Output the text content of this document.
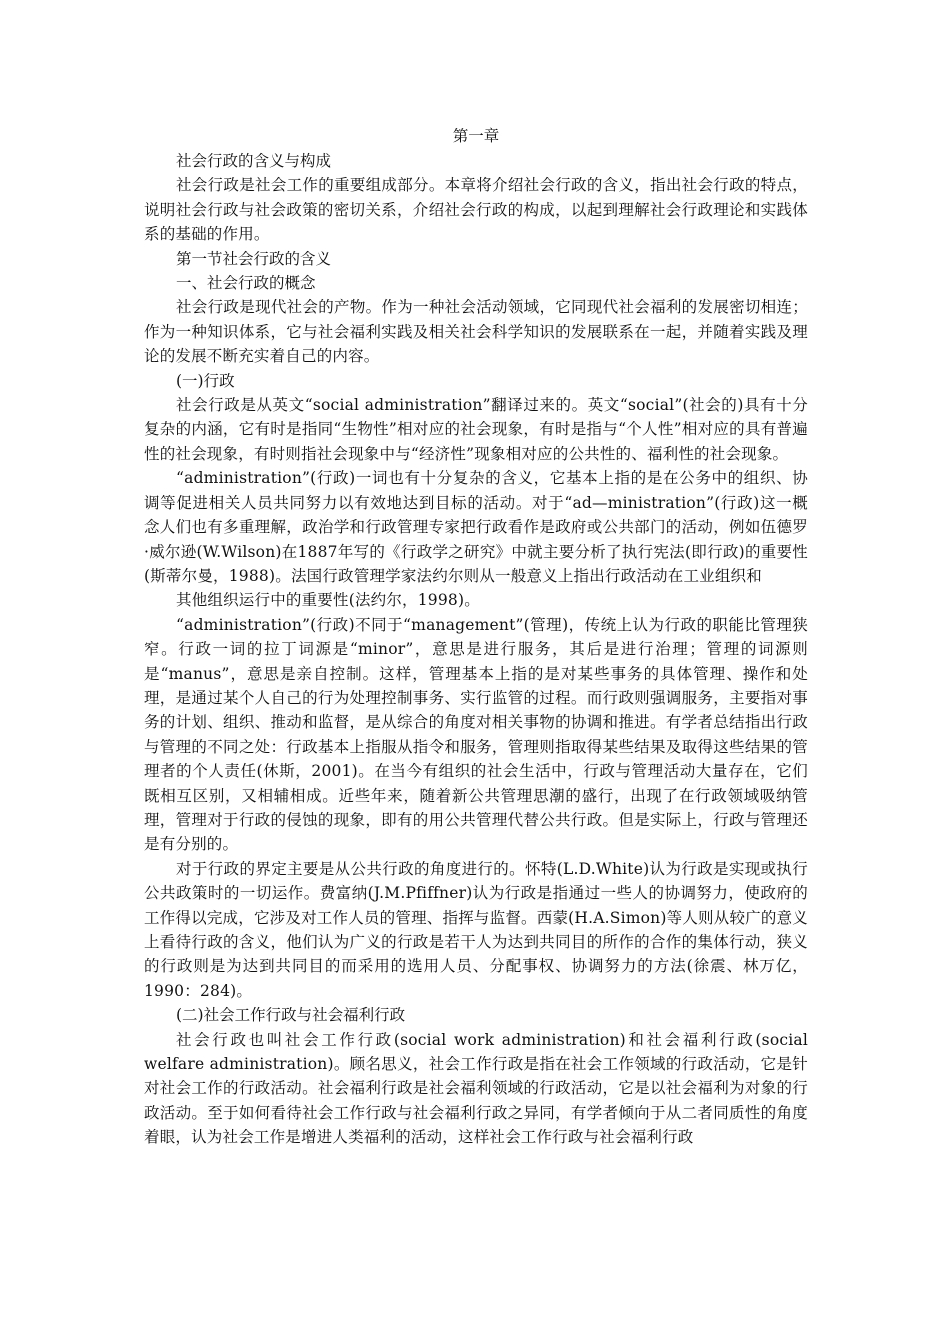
第一章
社会行政的含义与构成
社会行政是社会工作的重要组成部分。本章将介绍社会行政的含义，指出社会行政的特点，说明社会行政与社会政策的密切关系，介绍社会行政的构成，以起到理解社会行政理论和实践体系的基础的作用。
第一节社会行政的含义
一、社会行政的概念
社会行政是现代社会的产物。作为一种社会活动领域，它同现代社会福利的发展密切相连；作为一种知识体系，它与社会福利实践及相关社会科学知识的发展联系在一起，并随着实践及理论的发展不断充实着自己的内容。
(一)行政
社会行政是从英文“social administration”翻译过来的。英文“social”(社会的)具有十分复杂的内涵，它有时是指同“生物性”相对应的社会现象，有时是指与“个人性”相对应的具有普遍性的社会现象，有时则指社会现象中与“经济性”现象相对应的公共性的、福利性的社会现象。
“administration”(行政)一词也有十分复杂的含义，它基本上指的是在公务中的组织、协调等促进相关人员共同努力以有效地达到目标的活动。对于“ad—ministration”(行政)这一概念人们也有多重理解，政治学和行政管理专家把行政看作是政府或公共部门的活动，例如伍德罗·威尔逊(W.Wilson)在1887年写的《行政学之研究》中就主要分析了执行宪法(即行政)的重要性(斯蒂尔曼，1988)。法国行政管理学家法约尔则从一般意义上指出行政活动在工业组织和
其他组织运行中的重要性(法约尔，1998)。
“administration”(行政)不同于“management”(管理)，传统上认为行政的职能比管理狭窄。行政一词的拉丁词源是“minor”，意思是进行服务，其后是进行治理；管理的词源则是“manus”，意思是亲自控制。这样，管理基本上指的是对某些事务的具体管理、操作和处理，是通过某个人自己的行为处理控制事务、实行监管的过程。而行政则强调服务，主要指对事务的计划、组织、推动和监督，是从综合的角度对相关事物的协调和推进。有学者总结指出行政与管理的不同之处：行政基本上指服从指令和服务，管理则指取得某些结果及取得这些结果的管理者的个人责任(休斯，2001)。在当今有组织的社会生活中，行政与管理活动大量存在，它们既相互区别，又相辅相成。近些年来，随着新公共管理思潮的盛行，出现了在行政领域吸纳管理，管理对于行政的侵蚀的现象，即有的用公共管理代替公共行政。但是实际上，行政与管理还是有分别的。
对于行政的界定主要是从公共行政的角度进行的。怀特(L.D.White)认为行政是实现或执行公共政策时的一切运作。费富纳(J.M.Pfiffner)认为行政是指通过一些人的协调努力，使政府的工作得以完成，它涉及对工作人员的管理、指挥与监督。西蒙(H.A.Simon)等人则从较广的意义上看待行政的含义，他们认为广义的行政是若干人为达到共同目的所作的合作的集体行动，狭义的行政则是为达到共同目的而采用的选用人员、分配事权、协调努力的方法(徐震、林万亿，1990：284)。
(二)社会工作行政与社会福利行政
社会行政也叫社会工作行政(social work administration)和社会福利行政(social welfare administration)。顾名思义，社会工作行政是指在社会工作领域的行政活动，它是针对社会工作的行政活动。社会福利行政是社会福利领域的行政活动，它是以社会福利为对象的行政活动。至于如何看待社会工作行政与社会福利行政之异同，有学者倾向于从二者同质性的角度着眼，认为社会工作是增进人类福利的活动，这样社会工作行政与社会福利行政
